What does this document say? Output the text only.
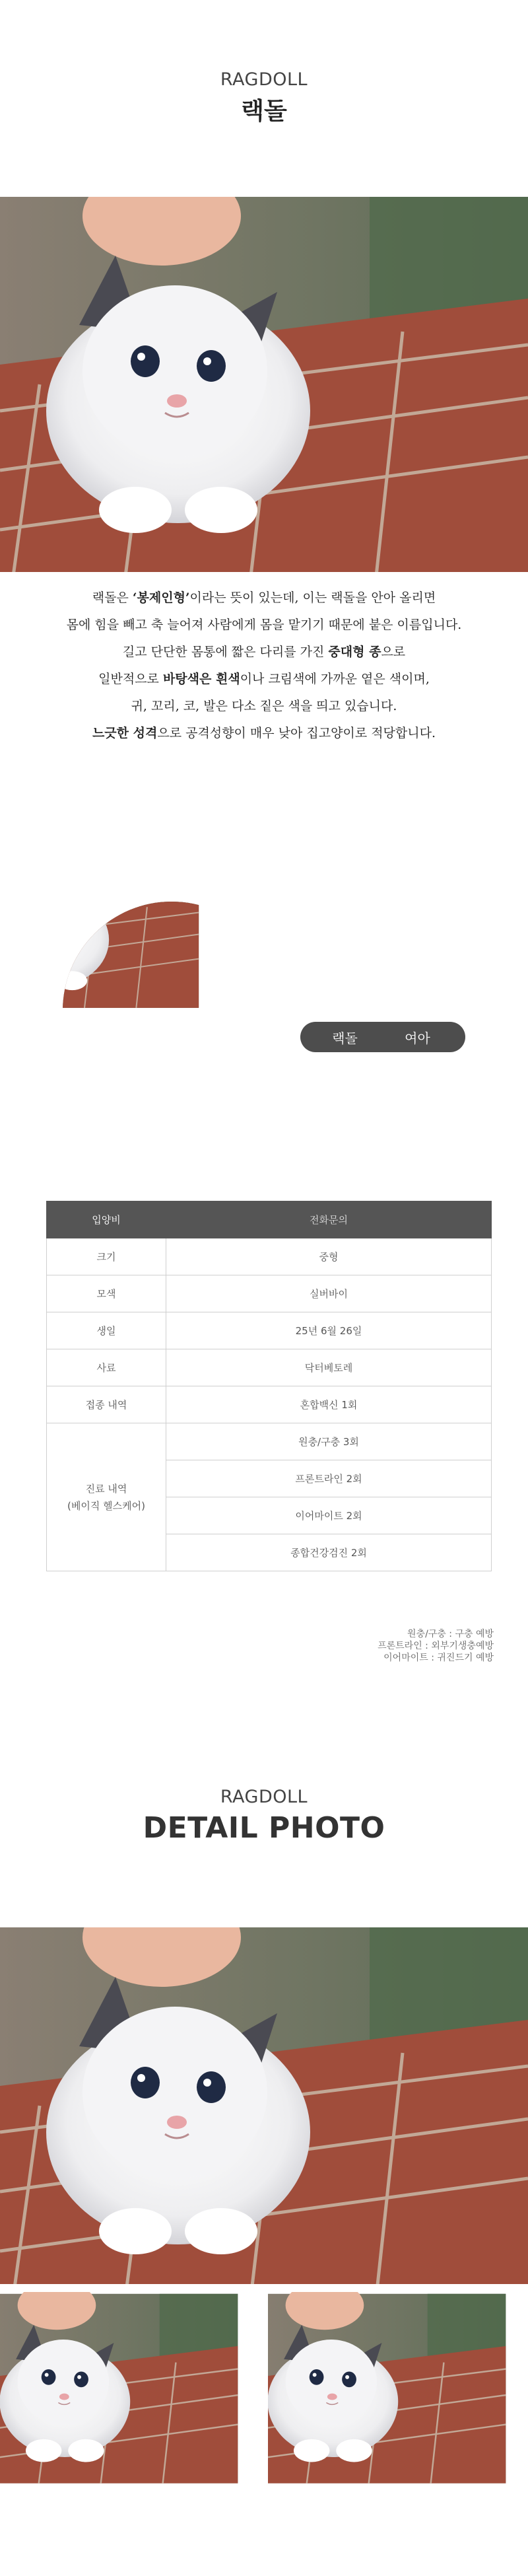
RAGDOLL
랙돌
랙돌은 ‘봉제인형’이라는 뜻이 있는데, 이는 랙돌을 안아 올리면
몸에 힘을 빼고 축 늘어져 사람에게 몸을 맡기기 때문에 붙은 이름입니다.
길고 단단한 몸통에 짧은 다리를 가진 중대형 종으로
일반적으로 바탕색은 흰색이나 크림색에 가까운 옅은 색이며,
귀, 꼬리, 코, 발은 다소 짙은 색을 띄고 있습니다.
느긋한 성격으로 공격성향이 매우 낮아 집고양이로 적당합니다.
랙돌	여아
입양비	전화문의
크기	중형
모색	실버바이
생일	25년 6월 26일
사료	닥터베토레
접종 내역	혼합백신 1회
진료 내역
(베이직 헬스케어)	원충/구충 3회
	프론트라인 2회
	이어마이트 2회
	종합건강검진 2회
원충/구충 : 구충 예방
프론트라인 : 외부기생충예방
이어마이트 : 귀진드기 예방
RAGDOLL
DETAIL PHOTO
